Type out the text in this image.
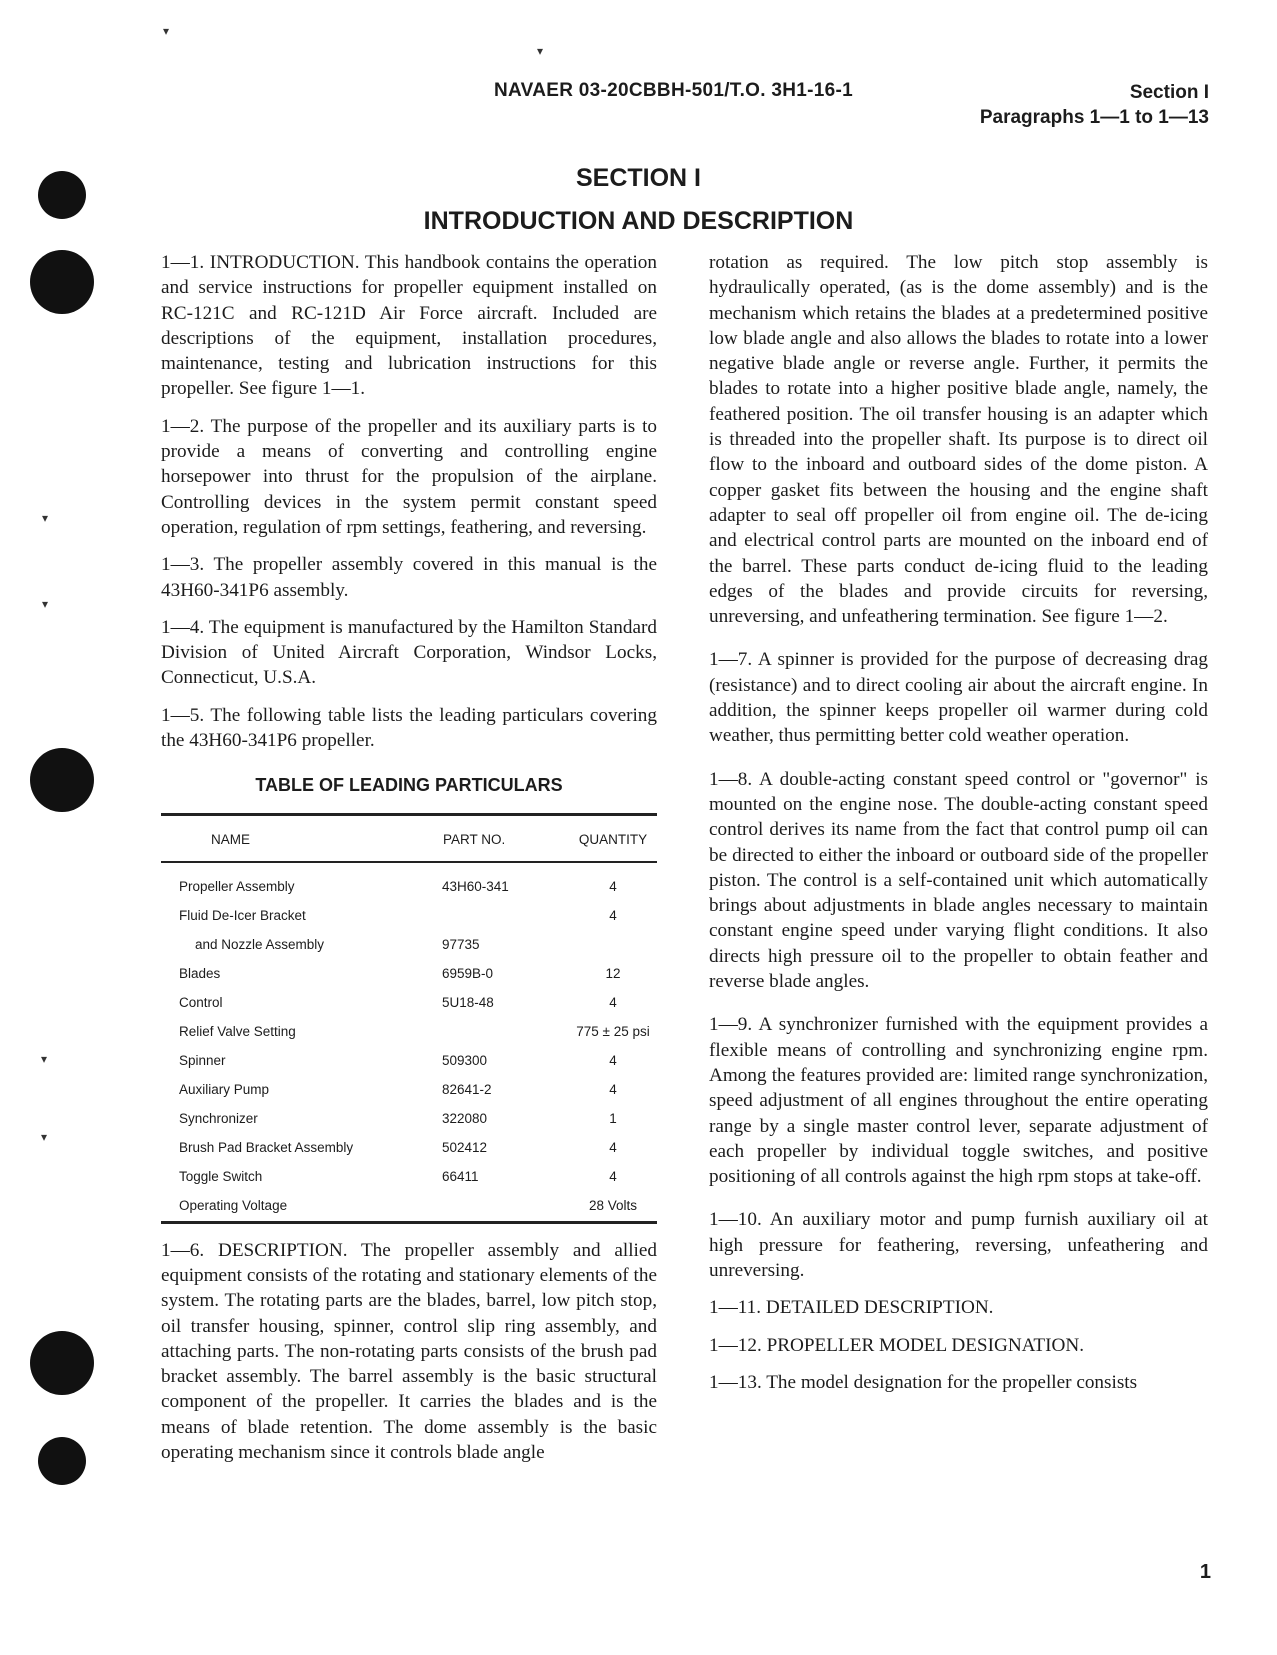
▾
▾
▾
▾
▾
▾
NAVAER 03-20CBBH-501/T.O. 3H1-16-1	Section I
Paragraphs 1—1 to 1—13
SECTION I
INTRODUCTION AND DESCRIPTION

1—1. INTRODUCTION. This handbook contains the operation and service instructions for propeller equipment installed on RC-121C and RC-121D Air Force aircraft. Included are descriptions of the equipment, installation procedures, maintenance, testing and lubrication instructions for this propeller. See figure 1—1.

1—2. The purpose of the propeller and its auxiliary parts is to provide a means of converting and controlling engine horsepower into thrust for the propulsion of the airplane. Controlling devices in the system permit constant speed operation, regulation of rpm settings, feathering, and reversing.

1—3. The propeller assembly covered in this manual is the 43H60-341P6 assembly.

1—4. The equipment is manufactured by the Hamilton Standard Division of United Aircraft Corporation, Windsor Locks, Connecticut, U.S.A.

1—5. The following table lists the leading particulars covering the 43H60-341P6 propeller.

TABLE OF LEADING PARTICULARS
NAME	PART NO.	QUANTITY
Propeller Assembly	43H60-341	4
Fluid De-Icer Bracket		4
and Nozzle Assembly	97735	
Blades	6959B-0	12
Control	5U18-48	4
Relief Valve Setting		775 ± 25 psi
Spinner	509300	4
Auxiliary Pump	82641-2	4
Synchronizer	322080	1
Brush Pad Bracket Assembly	502412	4
Toggle Switch	66411	4
Operating Voltage		28 Volts

1—6. DESCRIPTION. The propeller assembly and allied equipment consists of the rotating and stationary elements of the system. The rotating parts are the blades, barrel, low pitch stop, oil transfer housing, spinner, control slip ring assembly, and attaching parts. The non-rotating parts consists of the brush pad bracket assembly. The barrel assembly is the basic structural component of the propeller. It carries the blades and is the means of blade retention. The dome assembly is the basic operating mechanism since it controls blade angle

rotation as required. The low pitch stop assembly is hydraulically operated, (as is the dome assembly) and is the mechanism which retains the blades at a predetermined positive low blade angle and also allows the blades to rotate into a lower negative blade angle or reverse angle. Further, it permits the blades to rotate into a higher positive blade angle, namely, the feathered position. The oil transfer housing is an adapter which is threaded into the propeller shaft. Its purpose is to direct oil flow to the inboard and outboard sides of the dome piston. A copper gasket fits between the housing and the engine shaft adapter to seal off propeller oil from engine oil. The de-icing and electrical control parts are mounted on the inboard end of the barrel. These parts conduct de-icing fluid to the leading edges of the blades and provide circuits for reversing, unreversing, and unfeathering termination. See figure 1—2.

1—7. A spinner is provided for the purpose of decreasing drag (resistance) and to direct cooling air about the aircraft engine. In addition, the spinner keeps propeller oil warmer during cold weather, thus permitting better cold weather operation.

1—8. A double-acting constant speed control or "governor" is mounted on the engine nose. The double-acting constant speed control derives its name from the fact that control pump oil can be directed to either the inboard or outboard side of the propeller piston. The control is a self-contained unit which automatically brings about adjustments in blade angles necessary to maintain constant engine speed under varying flight conditions. It also directs high pressure oil to the propeller to obtain feather and reverse blade angles.

1—9. A synchronizer furnished with the equipment provides a flexible means of controlling and synchronizing engine rpm. Among the features provided are: limited range synchronization, speed adjustment of all engines throughout the entire operating range by a single master control lever, separate adjustment of each propeller by individual toggle switches, and positive positioning of all controls against the high rpm stops at take-off.

1—10. An auxiliary motor and pump furnish auxiliary oil at high pressure for feathering, reversing, unfeathering and unreversing.

1—11. DETAILED DESCRIPTION.

1—12. PROPELLER MODEL DESIGNATION.

1—13. The model designation for the propeller consists

1
